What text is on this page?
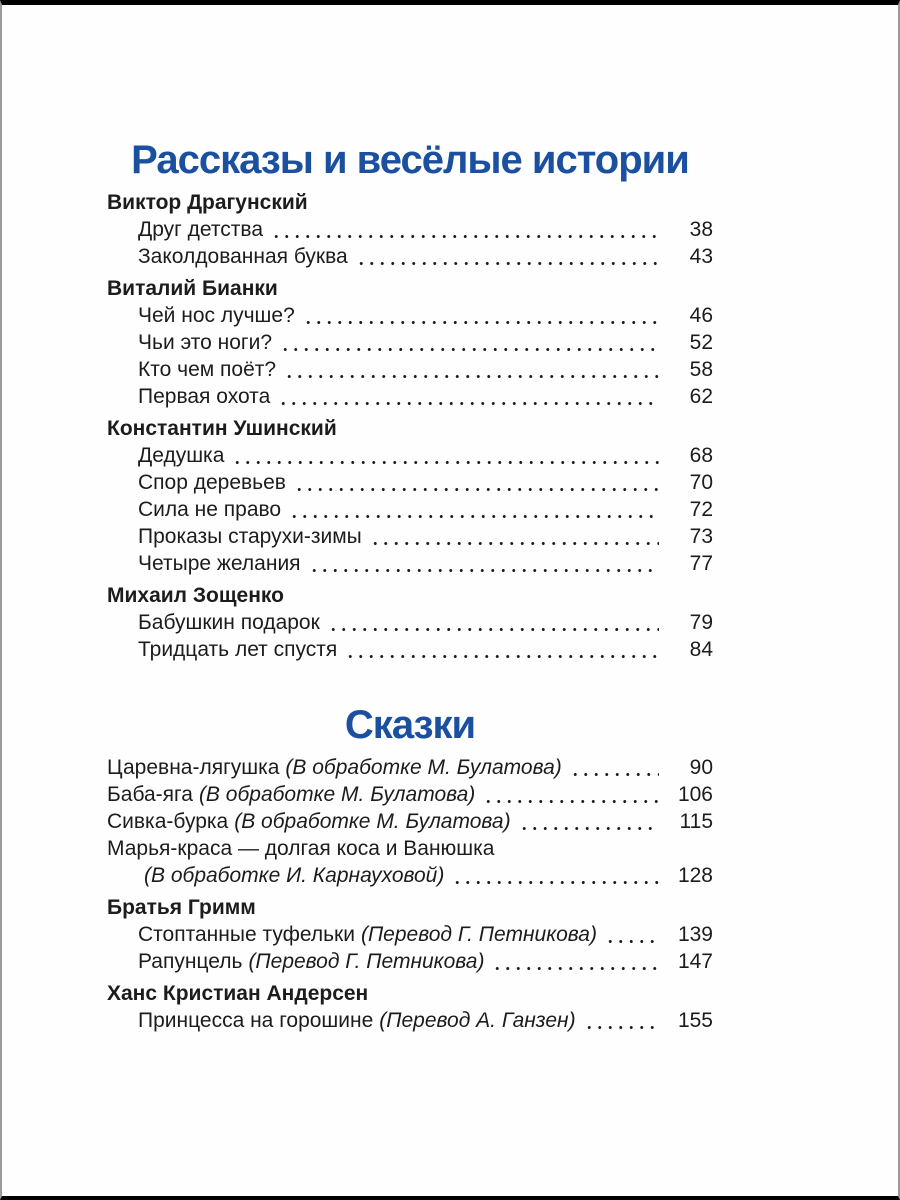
Рассказы и весёлые истории
Виктор Драгунский
Друг детства	38
Заколдованная буква	43
Виталий Бианки
Чей нос лучше?	46
Чьи это ноги?	52
Кто чем поёт?	58
Первая охота	62
Константин Ушинский
Дедушка	68
Спор деревьев	70
Сила не право	72
Проказы старухи-зимы	73
Четыре желания	77
Михаил Зощенко
Бабушкин подарок	79
Тридцать лет спустя	84
Сказки
Царевна-лягушка (В обработке М. Булатова)	90
Баба-яга (В обработке М. Булатова)	106
Сивка-бурка (В обработке М. Булатова)	115
Марья-краса — долгая коса и Ванюшка
(В обработке И. Карнауховой)	128
Братья Гримм
Стоптанные туфельки (Перевод Г. Петникова)	139
Рапунцель (Перевод Г. Петникова)	147
Ханс Кристиан Андерсен
Принцесса на горошине (Перевод А. Ганзен)	155
